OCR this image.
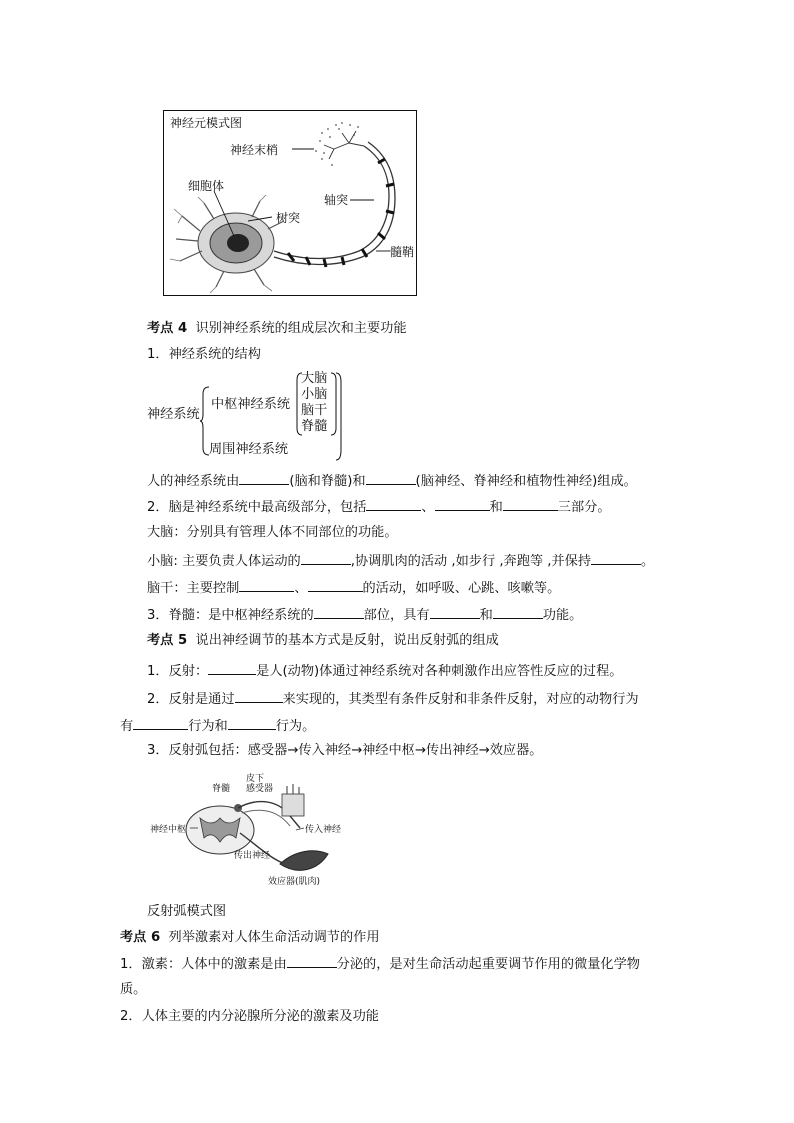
神经元模式图
神经末梢
细胞体
轴突
树突
髓鞘
考点 4 识别神经系统的组成层次和主要功能
1．神经系统的结构
神经系统
中枢神经系统
周围神经系统
大脑
小脑
脑干
脊髓
人的神经系统由	(脑和脊髓)和	(脑神经、脊神经和植物性神经)组成。
2．脑是神经系统中最高级部分，包括	、	和	三部分。
大脑：分别具有管理人体不同部位的功能。
小脑: 主要负责人体运动的	,协调肌肉的活动 ,如步行 ,奔跑等 ,并保持	。
脑干：主要控制	、	的活动，如呼吸、心跳、咳嗽等。
3．脊髓：是中枢神经系统的	部位，具有	和	功能。
考点 5 说出神经调节的基本方式是反射，说出反射弧的组成
1．反射：	是人(动物)体通过神经系统对各种刺激作出应答性反应的过程。
2．反射是通过	来实现的，其类型有条件反射和非条件反射，对应的动物行为
有	行为和	行为。
3．反射弧包括：感受器→传入神经→神经中枢→传出神经→效应器。
脊髓
皮下
感受器
神经中枢	传入神经
传出神经
效应器(肌肉)
反射弧模式图
考点 6 列举激素对人体生命活动调节的作用
1．激素：人体中的激素是由	分泌的，是对生命活动起重要调节作用的微量化学物
质。
2．人体主要的内分泌腺所分泌的激素及功能
